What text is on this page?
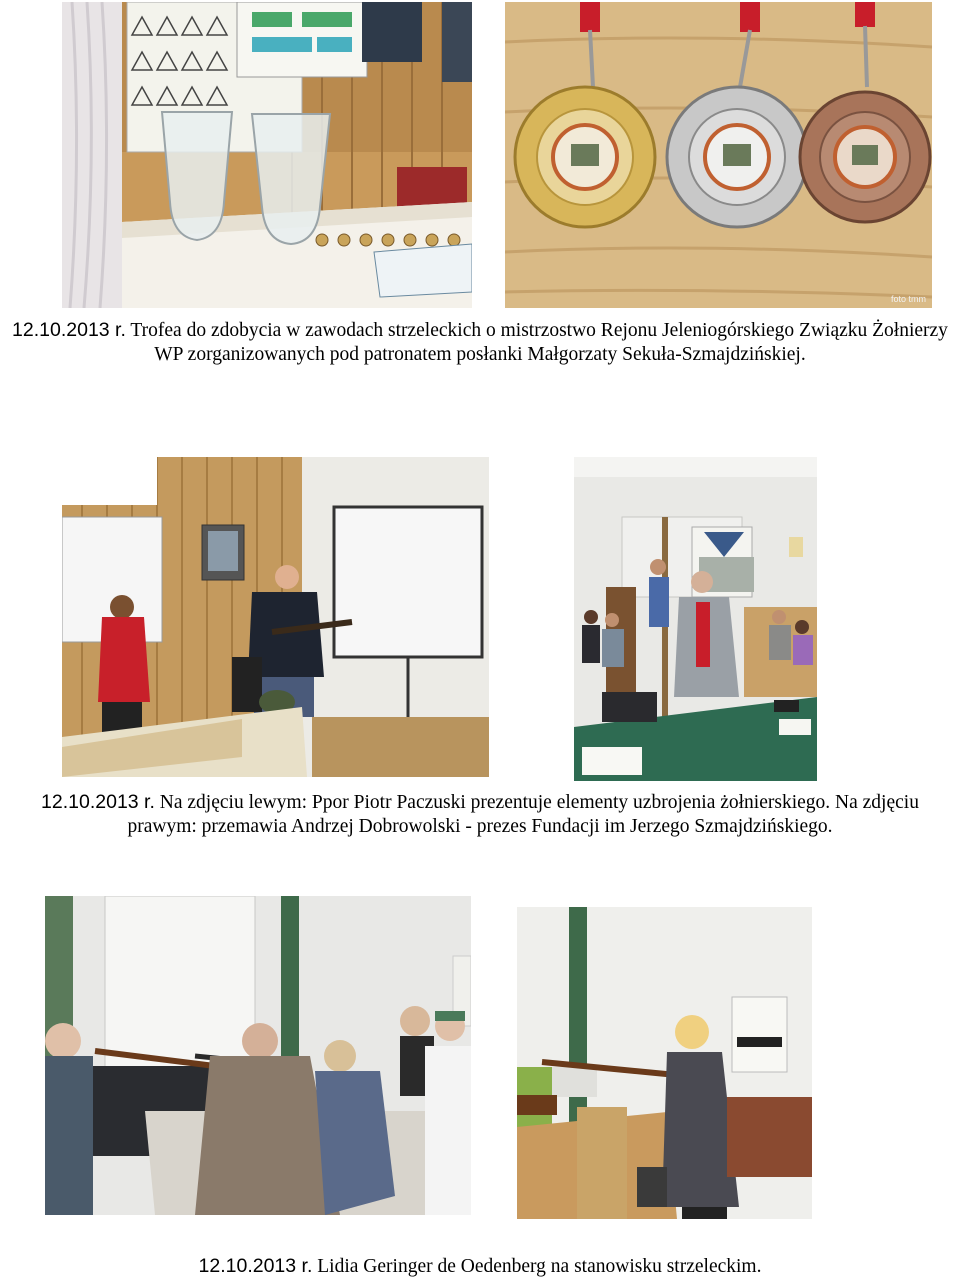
foto tmm

12.10.2013 r. Trofea do zdobycia w zawodach strzeleckich o mistrzostwo Rejonu Jeleniogórskiego Związku Żołnierzy WP zorganizowanych pod patronatem posłanki Małgorzaty Sekuła-Szmajdzińskiej.

12.10.2013 r. Na zdjęciu lewym: Ppor Piotr Paczuski prezentuje elementy uzbrojenia żołnierskiego. Na zdjęciu prawym: przemawia Andrzej Dobrowolski - prezes Fundacji im Jerzego Szmajdzińskiego.

12.10.2013 r. Lidia Geringer de Oedenberg na stanowisku strzeleckim.
